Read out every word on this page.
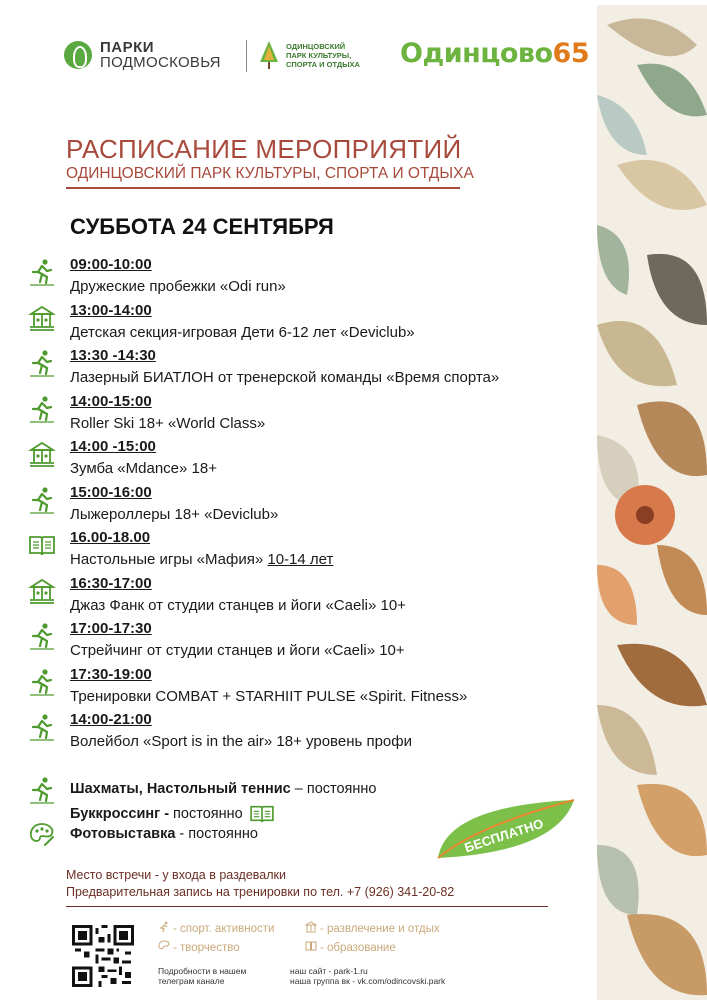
ПАРКИ
ПОДМОСКОВЬЯ
ОДИНЦОВСКИЙ
ПАРК КУЛЬТУРЫ,
СПОРТА И ОТДЫХА Одинцово65
РАСПИСАНИЕ МЕРОПРИЯТИЙ
ОДИНЦОВСКИЙ ПАРК КУЛЬТУРЫ, СПОРТА И ОТДЫХА
СУББОТА 24 СЕНТЯБРЯ
09:00-10:00
Дружеские пробежки «Odi run»
13:00-14:00
Детская секция-игровая Дети 6-12 лет «Deviclub»
13:30 -14:30
Лазерный БИАТЛОН от тренерской команды «Время спорта»
14:00-15:00
Roller Ski 18+ «World Class»
14:00 -15:00
Зумба «Mdance» 18+
15:00-16:00
Лыжероллеры 18+ «Deviclub»
16.00-18.00
Настольные игры «Мафия» 10-14 лет
16:30-17:00
Джаз Фанк от студии станцев и йоги «Caeli» 10+
17:00-17:30
Стрейчинг от студии станцев и йоги «Caeli» 10+
17:30-19:00
Тренировки COMBAT + STARHIIT PULSE «Spirit. Fitness»
14:00-21:00
Волейбол «Sport is in the air» 18+ уровень профи
Шахматы, Настольный теннис – постоянно
Буккроссинг - постоянно
Фотовыставка - постоянно	БЕСПЛАТНО
Место встречи - у входа в раздевалки
Предварительная запись на тренировки по тел. +7 (926) 341-20-82
- спорт. активности	- развлечение и отдых
- творчество	- образование
Подробности в нашем
телеграм канале
наш сайт - park-1.ru
наша группа вк - vk.com/odincovski.park
